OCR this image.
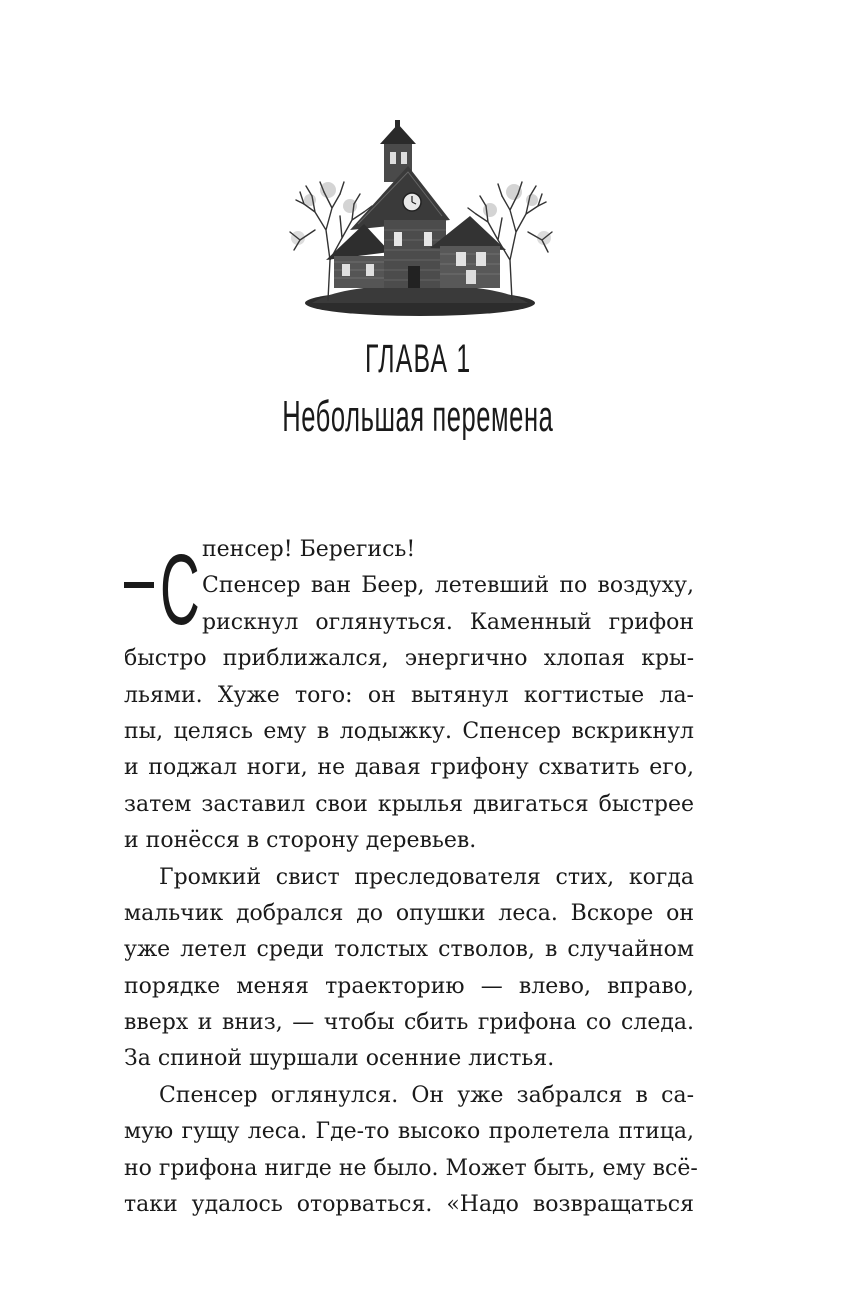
ГЛАВА 1
Небольшая перемена
С пенсер! Берегись!
Спенсер ван Беер, летевший по воздуху,
рискнул оглянуться. Каменный грифон
быстро приближался, энергично хлопая кры-
льями. Хуже того: он вытянул когтистые ла-
пы, целясь ему в лодыжку. Спенсер вскрикнул
и поджал ноги, не давая грифону схватить его,
затем заставил свои крылья двигаться быстрее
и понёсся в сторону деревьев.
Громкий свист преследователя стих, когда
мальчик добрался до опушки леса. Вскоре он
уже летел среди толстых стволов, в случайном
порядке меняя траекторию — влево, вправо,
вверх и вниз, — чтобы сбить грифона со следа.
За спиной шуршали осенние листья.
Спенсер оглянулся. Он уже забрался в са-
мую гущу леса. Где-то высоко пролетела птица,
но грифона нигде не было. Может быть, ему всё-
таки удалось оторваться. «Надо возвращаться
